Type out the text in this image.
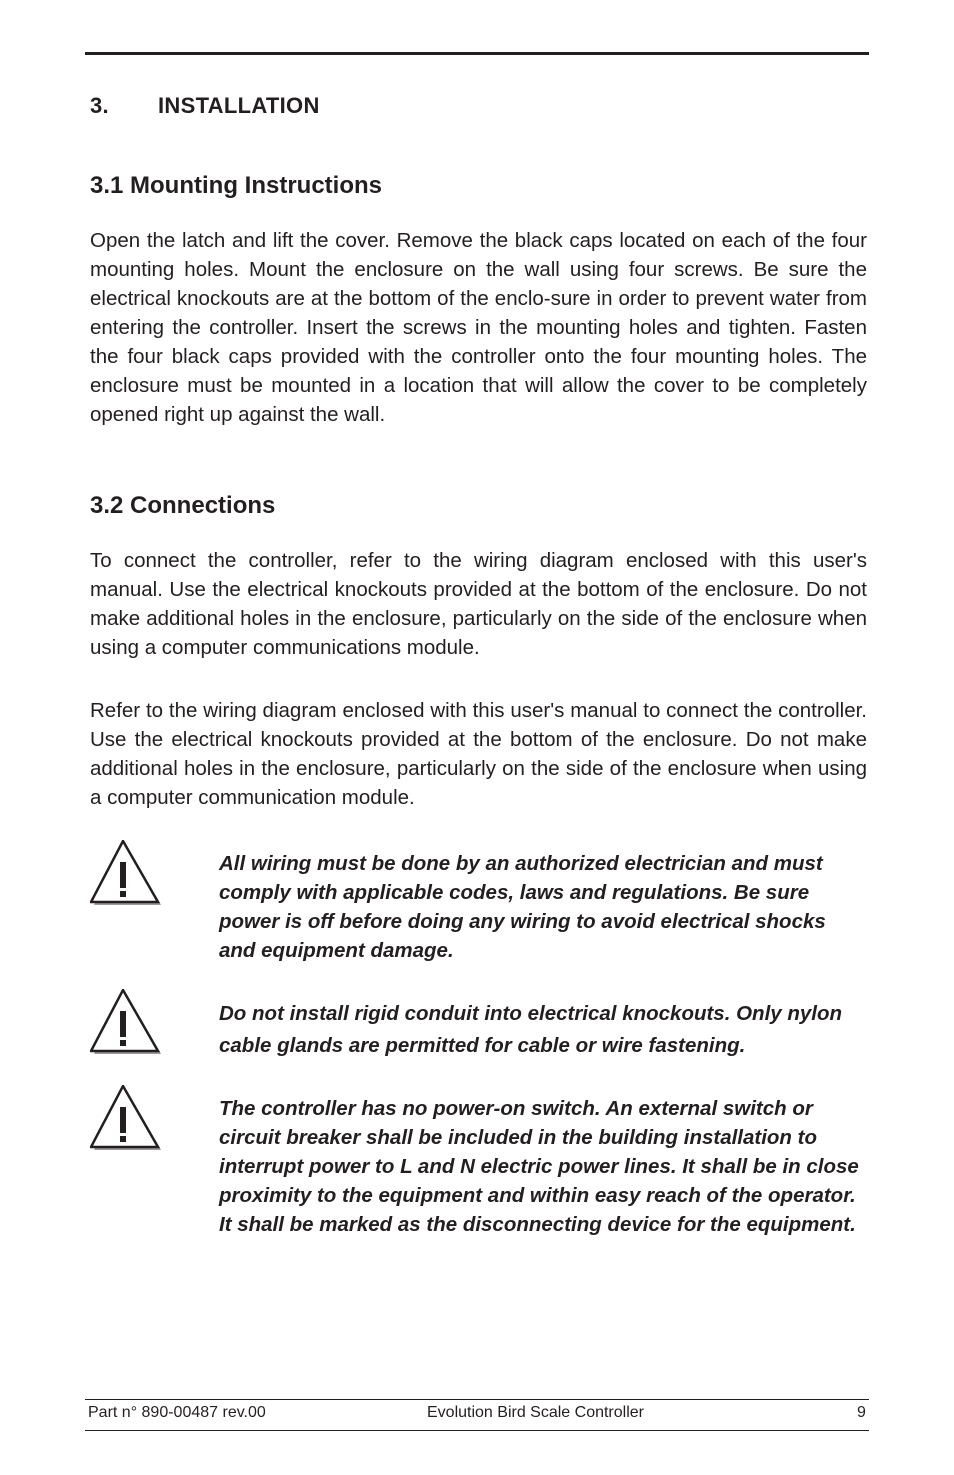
3. INSTALLATION
3.1 Mounting Instructions

Open the latch and lift the cover. Remove the black caps located on each of the four mounting holes. Mount the enclosure on the wall using four screws. Be sure the electrical knockouts are at the bottom of the enclo-sure in order to prevent water from entering the controller. Insert the screws in the mounting holes and tighten. Fasten the four black caps provided with the controller onto the four mounting holes. The enclosure must be mounted in a location that will allow the cover to be completely opened right up against the wall.

3.2 Connections

To connect the controller, refer to the wiring diagram enclosed with this user's manual. Use the electrical knockouts provided at the bottom of the enclosure. Do not make additional holes in the enclosure, particularly on the side of the enclosure when using a computer communications module.

Refer to the wiring diagram enclosed with this user's manual to connect the controller. Use the electrical knockouts provided at the bottom of the enclosure. Do not make additional holes in the enclosure, particularly on the side of the enclosure when using a computer communication module.

All wiring must be done by an authorized electrician and must comply with applicable codes, laws and regulations. Be sure power is off before doing any wiring to avoid electrical shocks and equipment damage.

Do not install rigid conduit into electrical knockouts. Only nylon cable glands are permitted for cable or wire fastening.

The controller has no power-on switch. An external switch or circuit breaker shall be included in the building installation to interrupt power to L and N electric power lines. It shall be in close proximity to the equipment and within easy reach of the operator. It shall be marked as the disconnecting device for the equipment.

Part n° 890-00487 rev.00	Evolution Bird Scale Controller	9
